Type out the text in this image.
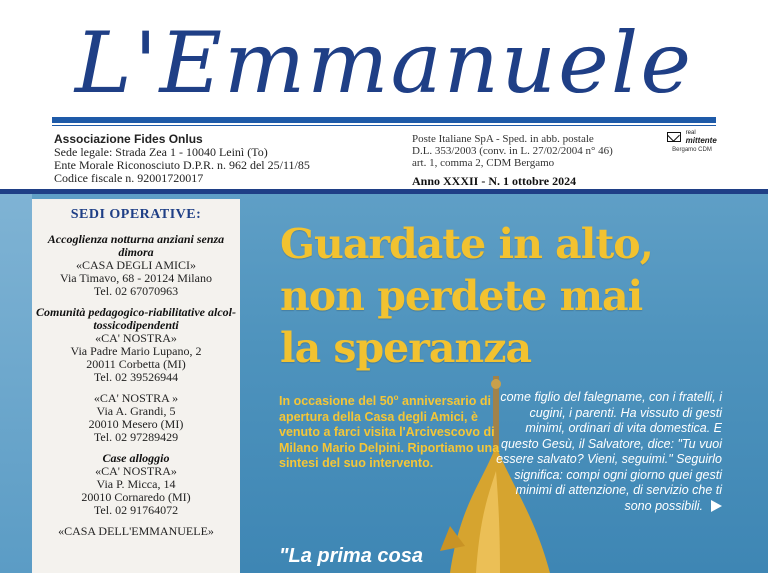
L'Emmanuele
Associazione Fides Onlus
Sede legale: Strada Zea 1 - 10040 Leinì (To)
Ente Morale Riconosciuto D.P.R. n. 962 del 25/11/85
Codice fiscale n. 92001720017
Poste Italiane SpA - Sped. in abb. postale
D.L. 353/2003 (conv. in L. 27/02/2004 n° 46)
art. 1, comma 2, CDM Bergamo
Anno XXXII - N. 1 ottobre 2024

real
mittente
Bergamo CDM
SEDI OPERATIVE:
Accoglienza notturna anziani senza dimora
«CASA DEGLI AMICI»
Via Timavo, 68 - 20124 Milano
Tel. 02 67070963
Comunità pedagogico-riabilitative alcol-tossicodipendenti
«CA' NOSTRA»
Via Padre Mario Lupano, 2
20011 Corbetta (MI)
Tel. 02 39526944
«CA' NOSTRA »
Via A. Grandi, 5
20010 Mesero (MI)
Tel. 02 97289429
Case alloggio
«CA' NOSTRA»
Via P. Micca, 14
20010 Cornaredo (MI)
Tel. 02 91764072
«CASA DELL'EMMANUELE»
Guardate in alto,
non perdete mai
la speranza
In occasione del 50$^o$ anniversario di apertura della Casa degli Amici, è venuto a farci visita l'Arcivescovo di Milano Mario Delpini. Riportiamo una sintesi del suo intervento.
come figlio del falegname, con i fratelli, i cugini, i parenti. Ha vissuto di gesti minimi, ordinari di vita domestica. E questo Gesù, il Salvatore, dice: "Tu vuoi essere salvato? Vieni, seguimi." Seguirlo significa: compi ogni giorno quei gesti minimi di attenzione, di servizio che ti sono possibili.
"La prima cosa
